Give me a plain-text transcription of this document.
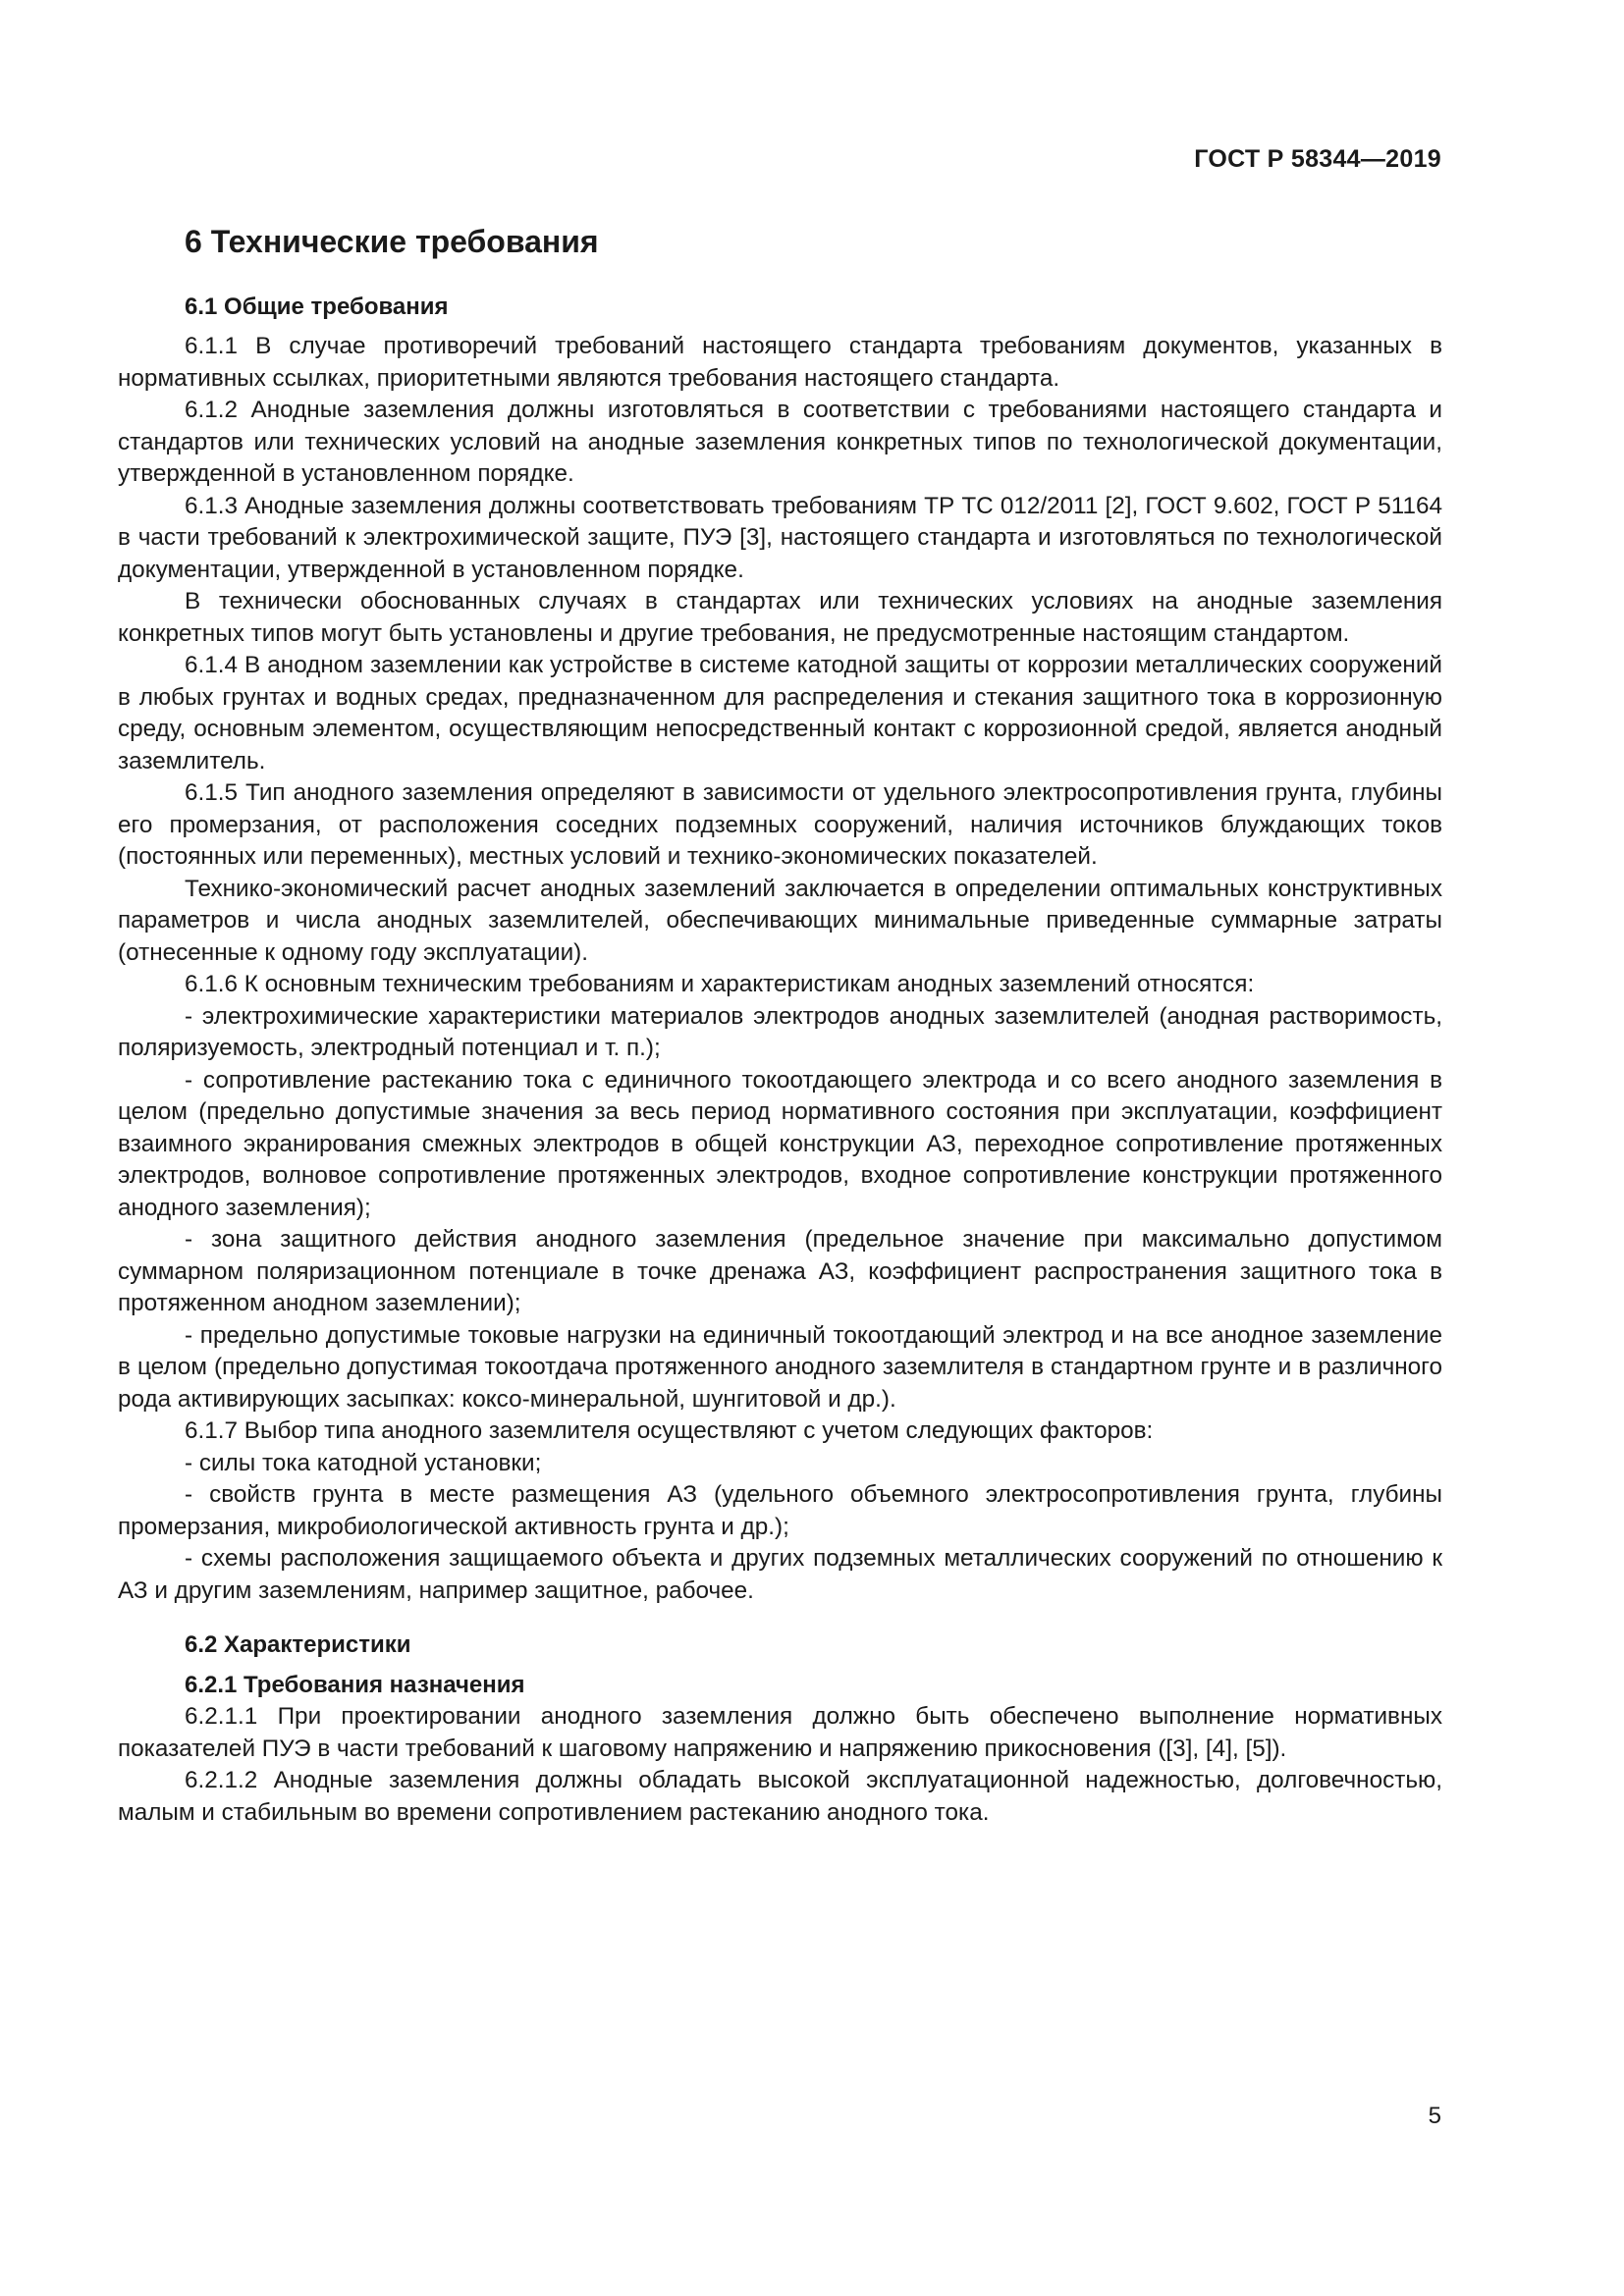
ГОСТ Р 58344—2019
6 Технические требования
6.1 Общие требования

6.1.1 В случае противоречий требований настоящего стандарта требованиям документов, указанных в нормативных ссылках, приоритетными являются требования настоящего стандарта.

6.1.2 Анодные заземления должны изготовляться в соответствии с требованиями настоящего стандарта и стандартов или технических условий на анодные заземления конкретных типов по технологической документации, утвержденной в установленном порядке.

6.1.3 Анодные заземления должны соответствовать требованиям ТР ТС 012/2011 [2], ГОСТ 9.602, ГОСТ Р 51164 в части требований к электрохимической защите, ПУЭ [3], настоящего стандарта и изготовляться по технологической документации, утвержденной в установленном порядке.

В технически обоснованных случаях в стандартах или технических условиях на анодные заземления конкретных типов могут быть установлены и другие требования, не предусмотренные настоящим стандартом.

6.1.4 В анодном заземлении как устройстве в системе катодной защиты от коррозии металлических сооружений в любых грунтах и водных средах, предназначенном для распределения и стекания защитного тока в коррозионную среду, основным элементом, осуществляющим непосредственный контакт с коррозионной средой, является анодный заземлитель.

6.1.5 Тип анодного заземления определяют в зависимости от удельного электросопротивления грунта, глубины его промерзания, от расположения соседних подземных сооружений, наличия источников блуждающих токов (постоянных или переменных), местных условий и технико-экономических показателей.

Технико-экономический расчет анодных заземлений заключается в определении оптимальных конструктивных параметров и числа анодных заземлителей, обеспечивающих минимальные приведенные суммарные затраты (отнесенные к одному году эксплуатации).

6.1.6 К основным техническим требованиям и характеристикам анодных заземлений относятся:

- электрохимические характеристики материалов электродов анодных заземлителей (анодная растворимость, поляризуемость, электродный потенциал и т. п.);

- сопротивление растеканию тока с единичного токоотдающего электрода и со всего анодного заземления в целом (предельно допустимые значения за весь период нормативного состояния при эксплуатации, коэффициент взаимного экранирования смежных электродов в общей конструкции АЗ, переходное сопротивление протяженных электродов, волновое сопротивление протяженных электродов, входное сопротивление конструкции протяженного анодного заземления);

- зона защитного действия анодного заземления (предельное значение при максимально допустимом суммарном поляризационном потенциале в точке дренажа АЗ, коэффициент распространения защитного тока в протяженном анодном заземлении);

- предельно допустимые токовые нагрузки на единичный токоотдающий электрод и на все анодное заземление в целом (предельно допустимая токоотдача протяженного анодного заземлителя в стандартном грунте и в различного рода активирующих засыпках: коксо-минеральной, шунгитовой и др.).

6.1.7 Выбор типа анодного заземлителя осуществляют с учетом следующих факторов:

- силы тока катодной установки;

- свойств грунта в месте размещения АЗ (удельного объемного электросопротивления грунта, глубины промерзания, микробиологической активность грунта и др.);

- схемы расположения защищаемого объекта и других подземных металлических сооружений по отношению к АЗ и другим заземлениям, например защитное, рабочее.

6.2 Характеристики
6.2.1 Требования назначения

6.2.1.1 При проектировании анодного заземления должно быть обеспечено выполнение нормативных показателей ПУЭ в части требований к шаговому напряжению и напряжению прикосновения ([3], [4], [5]).

6.2.1.2 Анодные заземления должны обладать высокой эксплуатационной надежностью, долговечностью, малым и стабильным во времени сопротивлением растеканию анодного тока.

5
